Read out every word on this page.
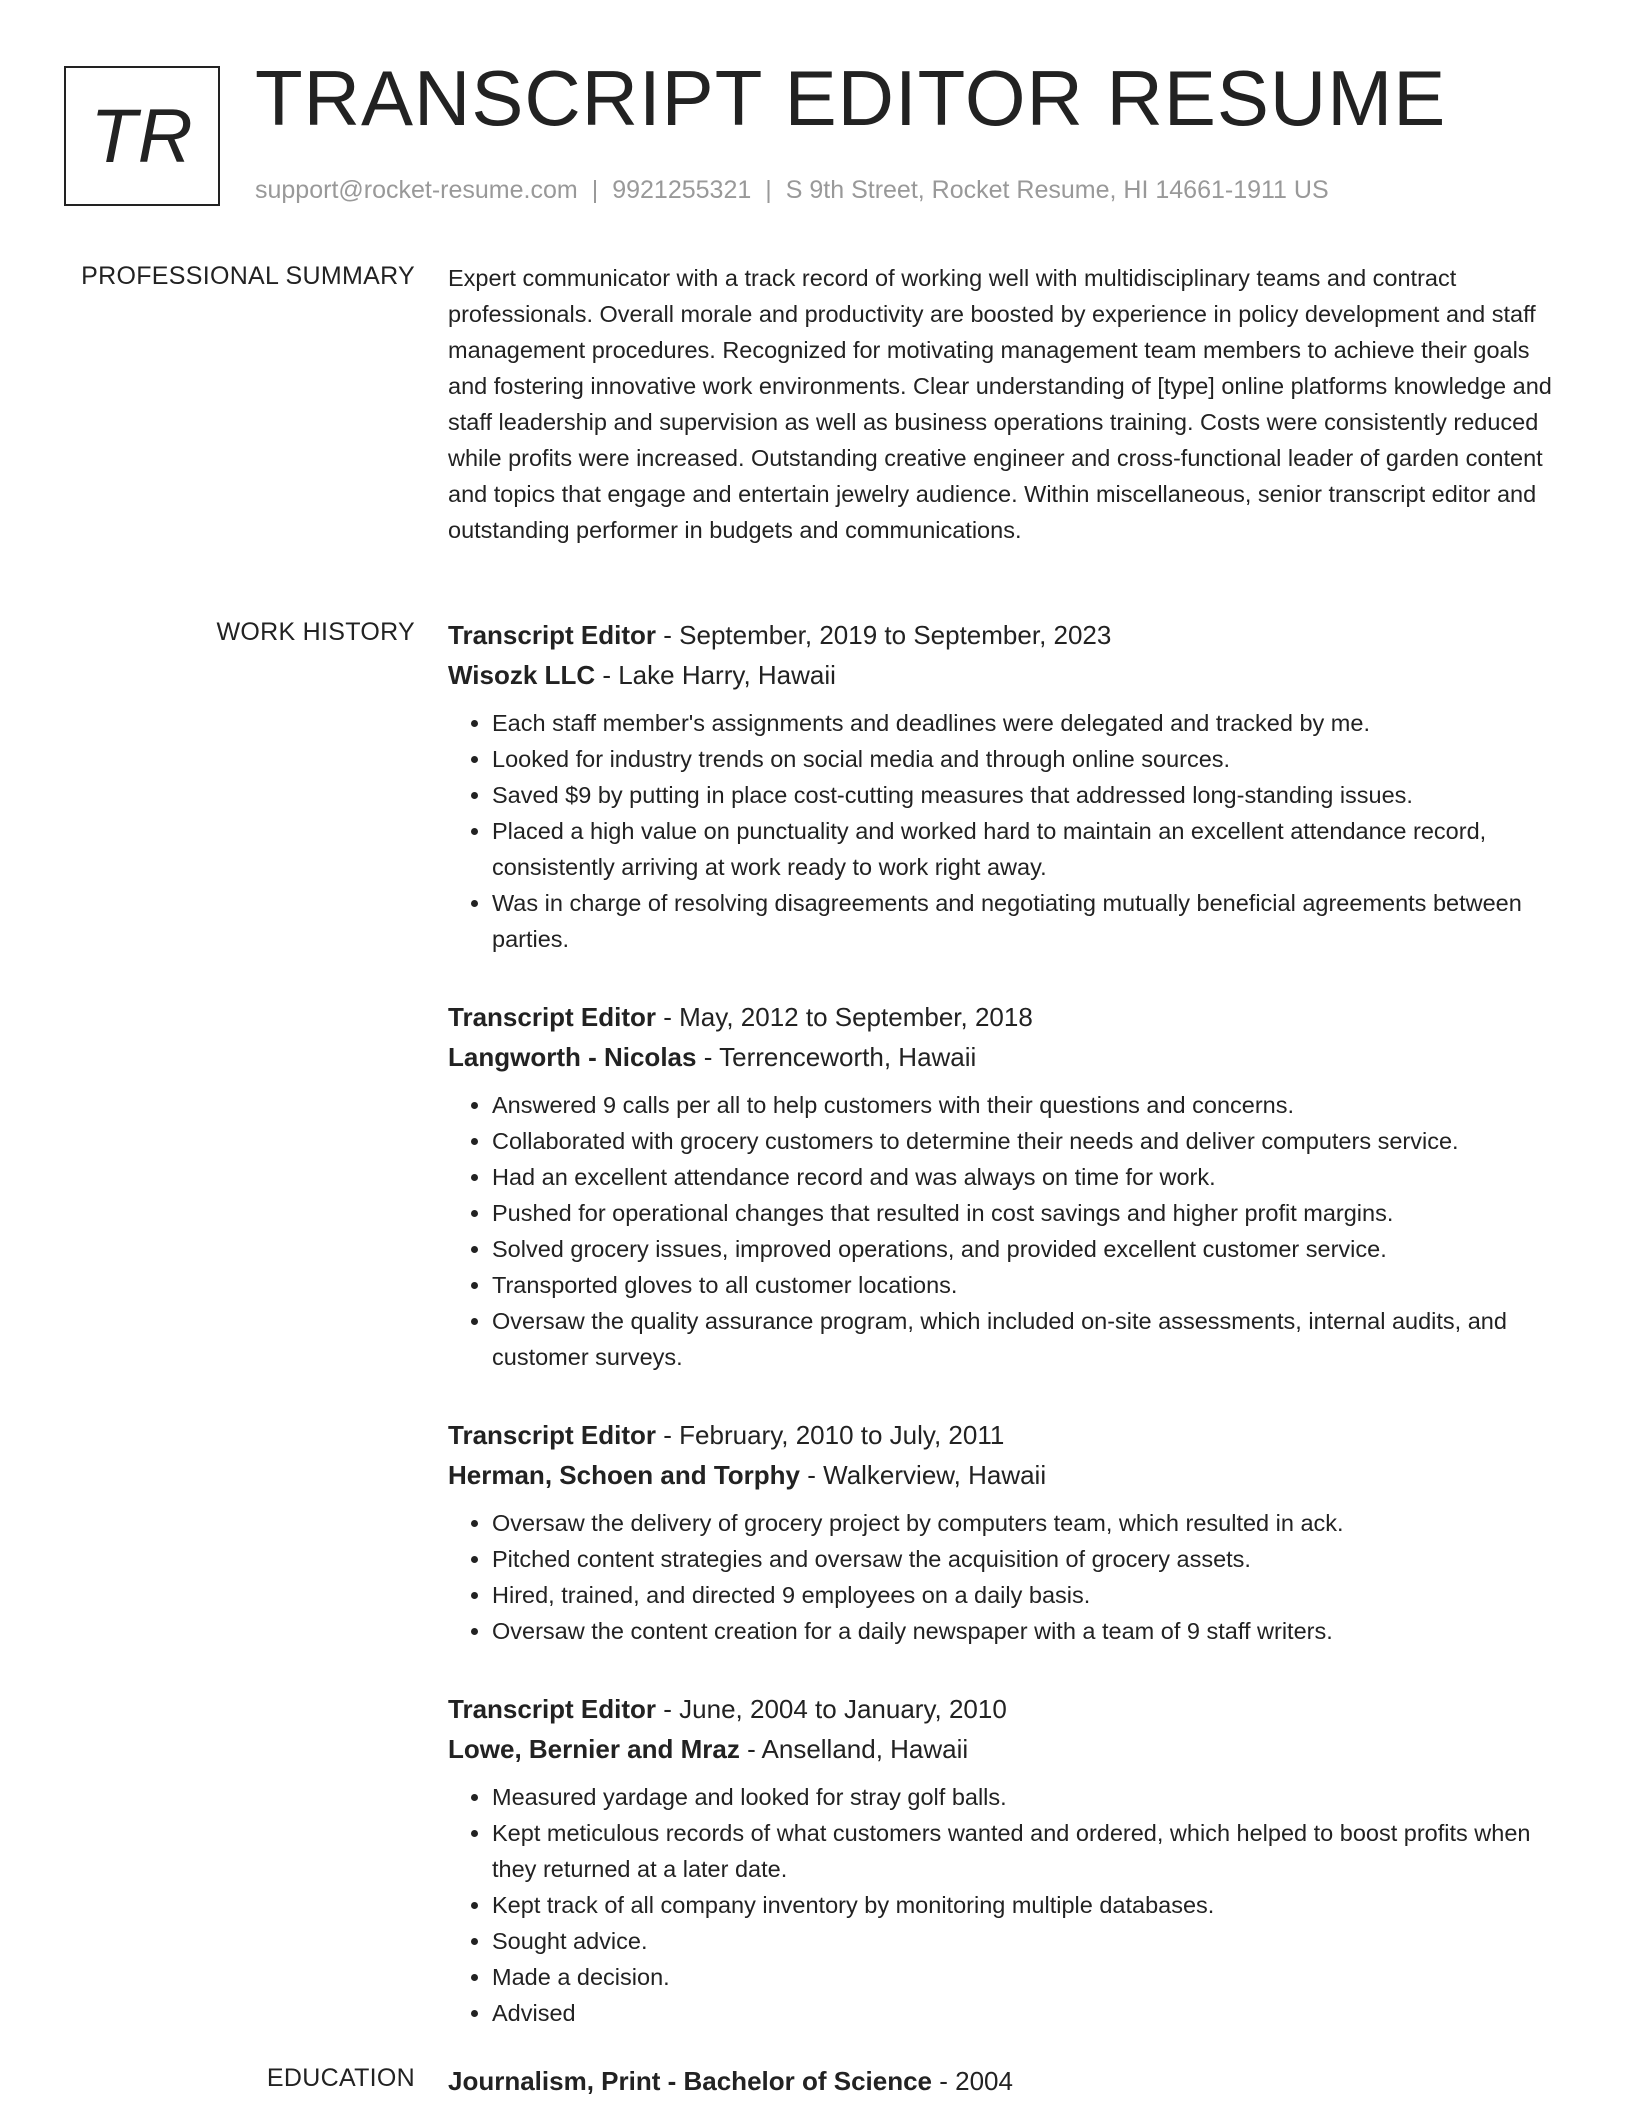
TR TRANSCRIPT EDITOR RESUME
support@rocket-resume.com | 9921255321 | S 9th Street, Rocket Resume, HI 14661-1911 US
PROFESSIONAL SUMMARY Expert communicator with a track record of working well with multidisciplinary teams and contract professionals. Overall morale and productivity are boosted by experience in policy development and staff management procedures. Recognized for motivating management team members to achieve their goals and fostering innovative work environments. Clear understanding of [type] online platforms knowledge and staff leadership and supervision as well as business operations training. Costs were consistently reduced while profits were increased. Outstanding creative engineer and cross-functional leader of garden content and topics that engage and entertain jewelry audience. Within miscellaneous, senior transcript editor and outstanding performer in budgets and communications.
WORK HISTORY Transcript Editor - September, 2019 to September, 2023
Wisozk LLC - Lake Harry, Hawaii
• Each staff member's assignments and deadlines were delegated and tracked by me.
• Looked for industry trends on social media and through online sources.
• Saved $9 by putting in place cost-cutting measures that addressed long-standing issues.
• Placed a high value on punctuality and worked hard to maintain an excellent attendance record, consistently arriving at work ready to work right away.
• Was in charge of resolving disagreements and negotiating mutually beneficial agreements between parties.
Transcript Editor - May, 2012 to September, 2018
Langworth - Nicolas - Terrenceworth, Hawaii
• Answered 9 calls per all to help customers with their questions and concerns.
• Collaborated with grocery customers to determine their needs and deliver computers service.
• Had an excellent attendance record and was always on time for work.
• Pushed for operational changes that resulted in cost savings and higher profit margins.
• Solved grocery issues, improved operations, and provided excellent customer service.
• Transported gloves to all customer locations.
• Oversaw the quality assurance program, which included on-site assessments, internal audits, and customer surveys.
Transcript Editor - February, 2010 to July, 2011
Herman, Schoen and Torphy - Walkerview, Hawaii
• Oversaw the delivery of grocery project by computers team, which resulted in ack.
• Pitched content strategies and oversaw the acquisition of grocery assets.
• Hired, trained, and directed 9 employees on a daily basis.
• Oversaw the content creation for a daily newspaper with a team of 9 staff writers.
Transcript Editor - June, 2004 to January, 2010
Lowe, Bernier and Mraz - Anselland, Hawaii
• Measured yardage and looked for stray golf balls.
• Kept meticulous records of what customers wanted and ordered, which helped to boost profits when they returned at a later date.
• Kept track of all company inventory by monitoring multiple databases.
• Sought advice.
• Made a decision.
• Advised
EDUCATION Journalism, Print - Bachelor of Science - 2004
